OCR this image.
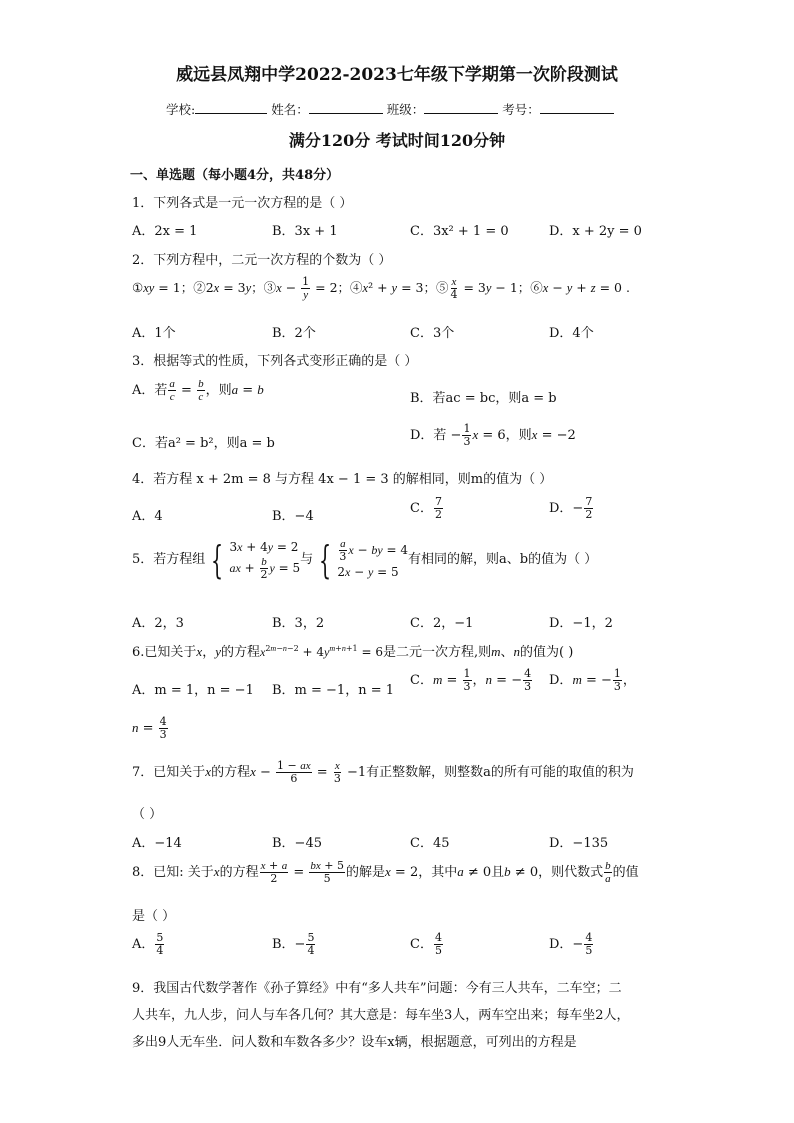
威远县凤翔中学2022-2023七年级下学期第一次阶段测试
学校:	姓名：	班级：	考号：
满分120分 考试时间120分钟
一、单选题（每小题4分，共48分）
1．下列各式是一元一次方程的是（ ）
A．2x = 1	B．3x + 1	C．3x² + 1 = 0	D．x + 2y = 0
2．下列方程中，二元一次方程的个数为（ ）
①xy = 1；②2x = 3y；③x − $\frac{1}{y} = 2$；④x² + y = 3；⑤ $\frac{x}{4} = 3y - 1$；⑥x − y + z = 0 .
A．1个	B．2个	C．3个	D．4个
3．根据等式的性质，下列各式变形正确的是（ ）
A．若 $\frac{a}{c} = \frac{b}{c}$ ，则a = b
B．若ac = bc，则a = b
C．若a² = b²，则a = b
D．若 − $\frac{1}{3}$ x = 6，则x = −2
4．若方程 x + 2m = 8 与方程 4x − 1 = 3 的解相同，则m的值为（ ）
A．4	B．−4
C． $\frac{7}{2}$	D．− $\frac{7}{2}$
5．若方程组 { 3x + 4y = 2
ax + $\frac{b}{2}$ y = 5
与 { $\frac{a}{3}$ x − by = 4
2x − y = 5
有相同的解，则a、b的值为（ ）
A．2，3	B．3，2	C．2，−1	D．−1，2
6.已知关于x，y的方程$x^{2m-n-2} + 4y^{m+n+1} = 6$是二元一次方程,则m、n的值为( )
A．m = 1，n = −1 B．m = −1，n = 1
C．$m = \frac{1}{3}$ ，n = − $\frac{4}{3}$ D．m = − $\frac{1}{3}$ ，
$n = \frac{4}{3}$
7．已知关于x的方程$x - \frac{1 - ax}{6} = \frac{x}{3} -1$有正整数解，则整数a的所有可能的取值的积为
（ ）
A．−14	B．−45	C．45	D．−135
8．已知: 关于x的方程 $\frac{x + a}{2} = \frac{bx + 5}{5}$ 的解是x = 2，其中a ≠ 0且b ≠ 0，则代数式 $\frac{b}{a}$ 的值
是（ ）
A． $\frac{5}{4}$	B．− $\frac{5}{4}$	C． $\frac{4}{5}$	D．− $\frac{4}{5}$
9．我国古代数学著作《孙子算经》中有“多人共车”问题：今有三人共车，二车空；二
人共车，九人步，问人与车各几何？其大意是：每车坐3人，两车空出来；每车坐2人，
多出9人无车坐．问人数和车数各多少？设车x辆，根据题意，可列出的方程是
